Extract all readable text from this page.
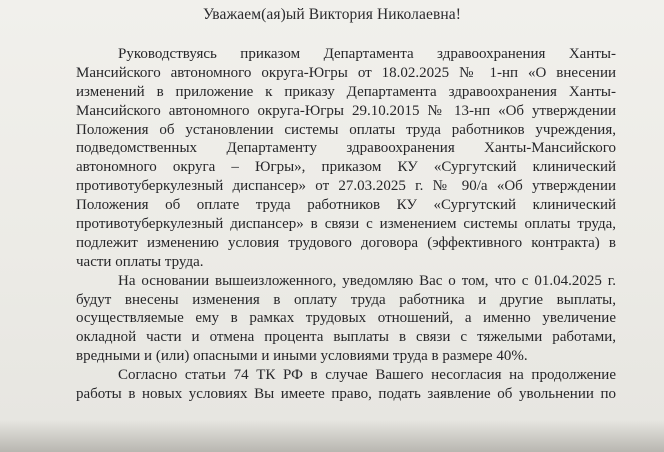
Уважаем(ая)ый Виктория Николаевна!
Руководствуясь приказом Департамента здравоохранения Ханты-
Мансийского автономного округа-Югры от 18.02.2025 № 1-нп «О внесении
изменений в приложение к приказу Департамента здравоохранения Ханты-
Мансийского автономного округа-Югры 29.10.2015 № 13-нп «Об утверждении
Положения об установлении системы оплаты труда работников учреждения,
подведомственных Департаменту здравоохранения Ханты-Мансийского
автономного округа – Югры», приказом КУ «Сургутский клинический
противотуберкулезный диспансер» от 27.03.2025 г. № 90/а «Об утверждении
Положения об оплате труда работников КУ «Сургутский клинический
противотуберкулезный диспансер» в связи с изменением системы оплаты труда,
подлежит изменению условия трудового договора (эффективного контракта) в
части оплаты труда.
На основании вышеизложенного, уведомляю Вас о том, что с 01.04.2025 г.
будут внесены изменения в оплату труда работника и другие выплаты,
осуществляемые ему в рамках трудовых отношений, а именно увеличение
окладной части и отмена процента выплаты в связи с тяжелыми работами,
вредными и (или) опасными и иными условиями труда в размере 40%.
Согласно статьи 74 ТК РФ в случае Вашего несогласия на продолжение
работы в новых условиях Вы имеете право, подать заявление об увольнении по
